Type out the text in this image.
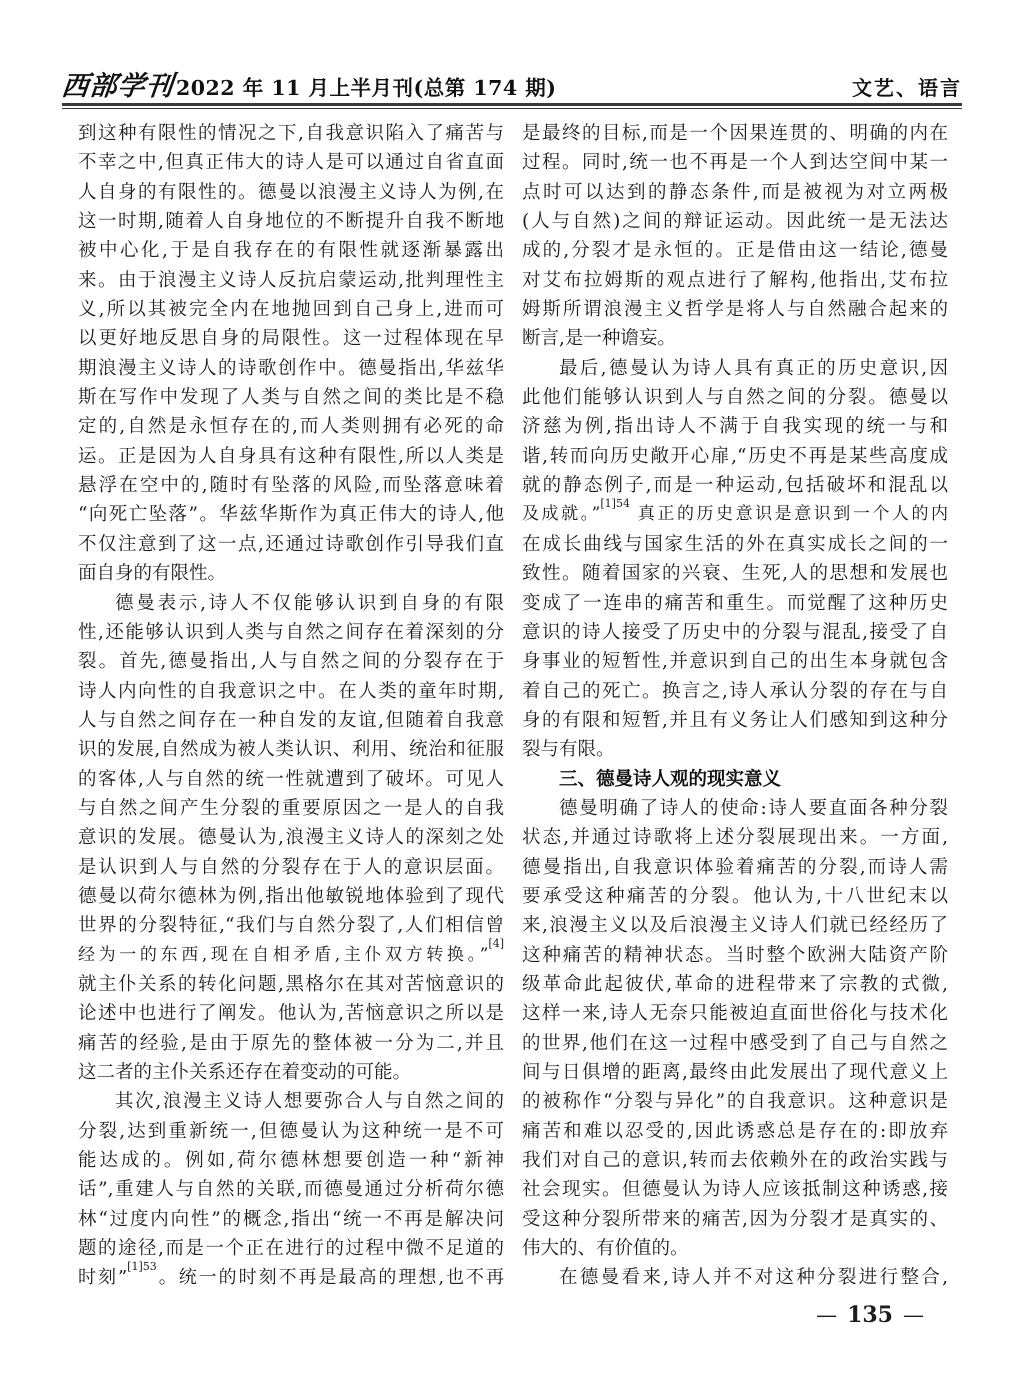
西部学刊 2022 年 11 月上半月刊(总第 174 期)	文艺、语言
到这种有限性的情况之下,自我意识陷入了痛苦与
不幸之中,但真正伟大的诗人是可以通过自省直面
人自身的有限性的。德曼以浪漫主义诗人为例,在
这一时期,随着人自身地位的不断提升自我不断地
被中心化,于是自我存在的有限性就逐渐暴露出
来。由于浪漫主义诗人反抗启蒙运动,批判理性主
义,所以其被完全内在地抛回到自己身上,进而可
以更好地反思自身的局限性。这一过程体现在早
期浪漫主义诗人的诗歌创作中。德曼指出,华兹华
斯在写作中发现了人类与自然之间的类比是不稳
定的,自然是永恒存在的,而人类则拥有必死的命
运。正是因为人自身具有这种有限性,所以人类是
悬浮在空中的,随时有坠落的风险,而坠落意味着
“向死亡坠落”。华兹华斯作为真正伟大的诗人,他
不仅注意到了这一点,还通过诗歌创作引导我们直
面自身的有限性。
德曼表示,诗人不仅能够认识到自身的有限
性,还能够认识到人类与自然之间存在着深刻的分
裂。首先,德曼指出,人与自然之间的分裂存在于
诗人内向性的自我意识之中。在人类的童年时期,
人与自然之间存在一种自发的友谊,但随着自我意
识的发展,自然成为被人类认识、利用、统治和征服
的客体,人与自然的统一性就遭到了破坏。可见人
与自然之间产生分裂的重要原因之一是人的自我
意识的发展。德曼认为,浪漫主义诗人的深刻之处
是认识到人与自然的分裂存在于人的意识层面。
德曼以荷尔德林为例,指出他敏锐地体验到了现代
世界的分裂特征,“我们与自然分裂了,人们相信曾
经为一的东西,现在自相矛盾,主仆双方转换。”[4]
就主仆关系的转化问题,黑格尔在其对苦恼意识的
论述中也进行了阐发。他认为,苦恼意识之所以是
痛苦的经验,是由于原先的整体被一分为二,并且
这二者的主仆关系还存在着变动的可能。
其次,浪漫主义诗人想要弥合人与自然之间的
分裂,达到重新统一,但德曼认为这种统一是不可
能达成的。例如,荷尔德林想要创造一种“新神
话”,重建人与自然的关联,而德曼通过分析荷尔德
林“过度内向性”的概念,指出“统一不再是解决问
题的途径,而是一个正在进行的过程中微不足道的
时刻”$^{[1]53}$。统一的时刻不再是最高的理想,也不再
是最终的目标,而是一个因果连贯的、明确的内在
过程。同时,统一也不再是一个人到达空间中某一
点时可以达到的静态条件,而是被视为对立两极
(人与自然)之间的辩证运动。因此统一是无法达
成的,分裂才是永恒的。正是借由这一结论,德曼
对艾布拉姆斯的观点进行了解构,他指出,艾布拉
姆斯所谓浪漫主义哲学是将人与自然融合起来的
断言,是一种谵妄。
最后,德曼认为诗人具有真正的历史意识,因
此他们能够认识到人与自然之间的分裂。德曼以
济慈为例,指出诗人不满于自我实现的统一与和
谐,转而向历史敞开心扉,“历史不再是某些高度成
就的静态例子,而是一种运动,包括破坏和混乱以
及成就。”$^{[1]54}$ 真正的历史意识是意识到一个人的内
在成长曲线与国家生活的外在真实成长之间的一
致性。随着国家的兴衰、生死,人的思想和发展也
变成了一连串的痛苦和重生。而觉醒了这种历史
意识的诗人接受了历史中的分裂与混乱,接受了自
身事业的短暂性,并意识到自己的出生本身就包含
着自己的死亡。换言之,诗人承认分裂的存在与自
身的有限和短暂,并且有义务让人们感知到这种分
裂与有限。
三、德曼诗人观的现实意义
德曼明确了诗人的使命:诗人要直面各种分裂
状态,并通过诗歌将上述分裂展现出来。一方面,
德曼指出,自我意识体验着痛苦的分裂,而诗人需
要承受这种痛苦的分裂。他认为,十八世纪末以
来,浪漫主义以及后浪漫主义诗人们就已经经历了
这种痛苦的精神状态。当时整个欧洲大陆资产阶
级革命此起彼伏,革命的进程带来了宗教的式微,
这样一来,诗人无奈只能被迫直面世俗化与技术化
的世界,他们在这一过程中感受到了自己与自然之
间与日俱增的距离,最终由此发展出了现代意义上
的被称作“分裂与异化”的自我意识。这种意识是
痛苦和难以忍受的,因此诱惑总是存在的:即放弃
我们对自己的意识,转而去依赖外在的政治实践与
社会现实。但德曼认为诗人应该抵制这种诱惑,接
受这种分裂所带来的痛苦,因为分裂才是真实的、
伟大的、有价值的。
在德曼看来,诗人并不对这种分裂进行整合,
— 135 —
